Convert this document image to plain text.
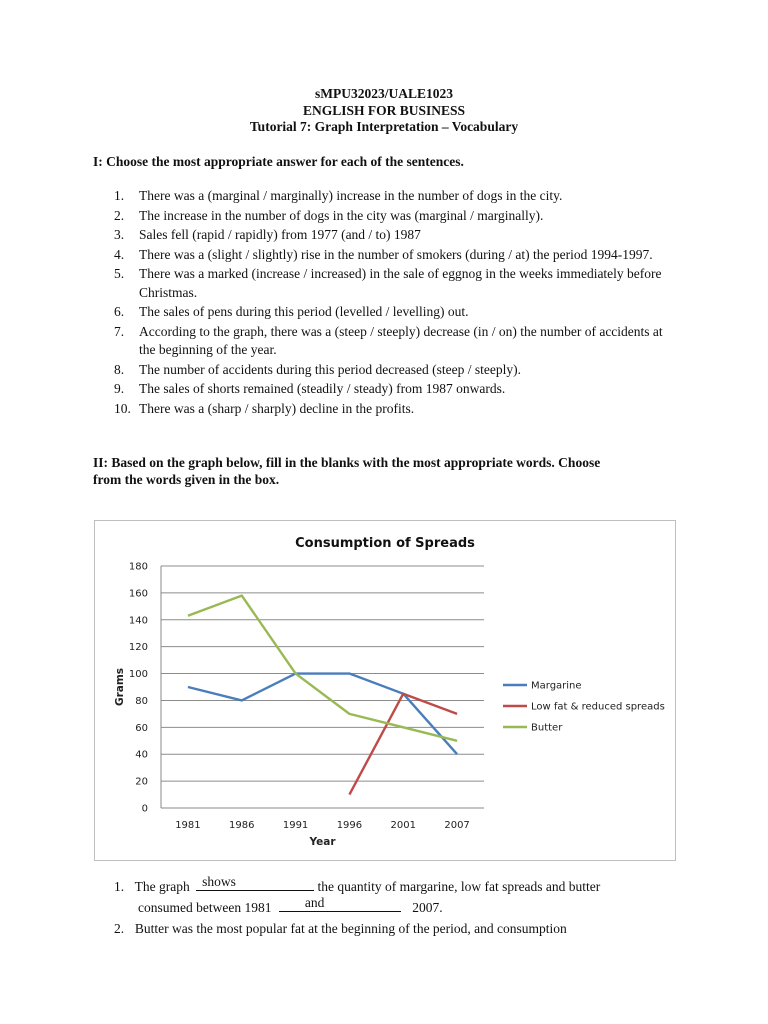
sMPU32023/UALE1023
ENGLISH FOR BUSINESS
Tutorial 7: Graph Interpretation – Vocabulary
I: Choose the most appropriate answer for each of the sentences.
1. There was a (marginal / marginally) increase in the number of dogs in the city.
2. The increase in the number of dogs in the city was (marginal / marginally).
3. Sales fell (rapid / rapidly) from 1977 (and / to) 1987
4. There was a (slight / slightly) rise in the number of smokers (during / at) the period 1994-1997.
5. There was a marked (increase / increased) in the sale of eggnog in the weeks immediately before Christmas.
6. The sales of pens during this period (levelled / levelling) out.
7. According to the graph, there was a (steep / steeply) decrease (in / on) the number of accidents at the beginning of the year.
8. The number of accidents during this period decreased (steep / steeply).
9. The sales of shorts remained (steadily / steady) from 1987 onwards.
10. There was a (sharp / sharply) decline in the profits.
II: Based on the graph below, fill in the blanks with the most appropriate words. Choose from the words given in the box.
Consumption of Spreads
0
20
40
60
80
100
120
140
160
180
1981	1986	1991	1996	2001	2007
Year
Grams	Margarine
Low fat & reduced spreads
Butter
1. The graph shows	the quantity of margarine, low fat spreads and butter
consumed between 1981 and	2007.
2. Butter was the most popular fat at the beginning of the period, and consumption
